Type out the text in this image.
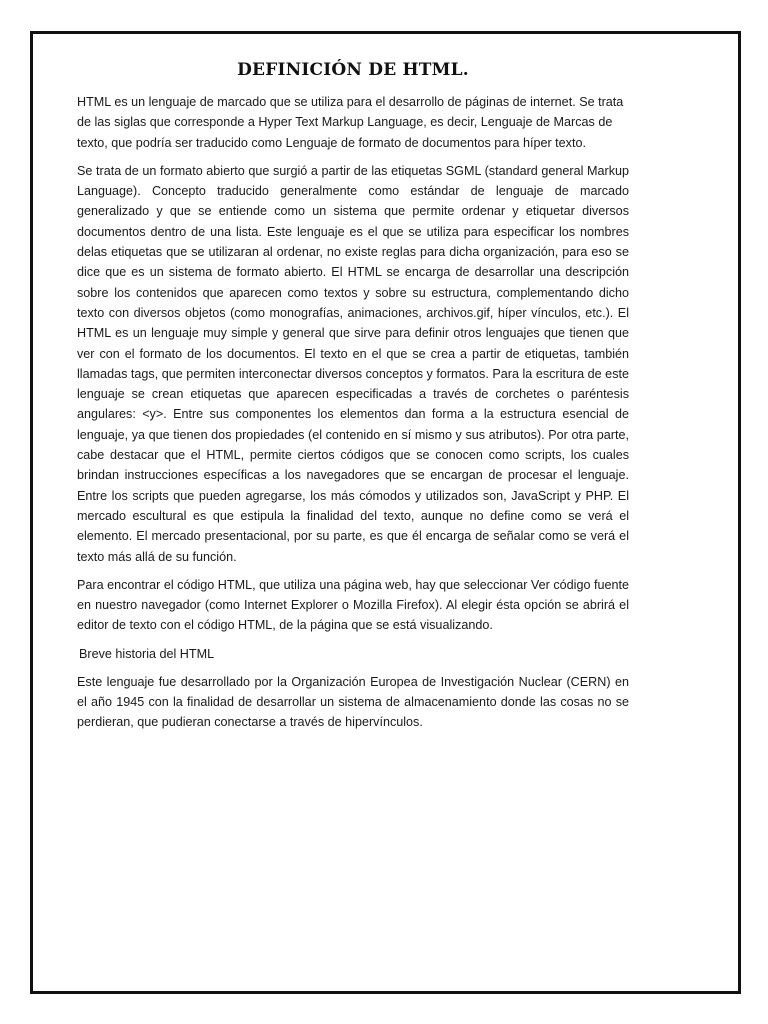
DEFINICIÓN DE HTML.

HTML es un lenguaje de marcado que se utiliza para el desarrollo de páginas de internet. Se trata de las siglas que corresponde a Hyper Text Markup Language, es decir, Lenguaje de Marcas de texto, que podría ser traducido como Lenguaje de formato de documentos para híper texto.

Se trata de un formato abierto que surgió a partir de las etiquetas SGML (standard general Markup Language). Concepto traducido generalmente como estándar de lenguaje de marcado generalizado y que se entiende como un sistema que permite ordenar y etiquetar diversos documentos dentro de una lista. Este lenguaje es el que se utiliza para especificar los nombres delas etiquetas que se utilizaran al ordenar, no existe reglas para dicha organización, para eso se dice que es un sistema de formato abierto. El HTML se encarga de desarrollar una descripción sobre los contenidos que aparecen como textos y sobre su estructura, complementando dicho texto con diversos objetos (como monografías, animaciones, archivos.gif, híper vínculos, etc.). El HTML es un lenguaje muy simple y general que sirve para definir otros lenguajes que tienen que ver con el formato de los documentos. El texto en el que se crea a partir de etiquetas, también llamadas tags, que permiten interconectar diversos conceptos y formatos. Para la escritura de este lenguaje se crean etiquetas que aparecen especificadas a través de corchetes o paréntesis angulares: <y>. Entre sus componentes los elementos dan forma a la estructura esencial de lenguaje, ya que tienen dos propiedades (el contenido en sí mismo y sus atributos). Por otra parte, cabe destacar que el HTML, permite ciertos códigos que se conocen como scripts, los cuales brindan instrucciones específicas a los navegadores que se encargan de procesar el lenguaje. Entre los scripts que pueden agregarse, los más cómodos y utilizados son, JavaScript y PHP. El mercado escultural es que estipula la finalidad del texto, aunque no define como se verá el elemento. El mercado presentacional, por su parte, es que él encarga de señalar como se verá el texto más allá de su función.

Para encontrar el código HTML, que utiliza una página web, hay que seleccionar Ver código fuente en nuestro navegador (como Internet Explorer o Mozilla Firefox). Al elegir ésta opción se abrirá el editor de texto con el código HTML, de la página que se está visualizando.

Breve historia del HTML

Este lenguaje fue desarrollado por la Organización Europea de Investigación Nuclear (CERN) en el año 1945 con la finalidad de desarrollar un sistema de almacenamiento donde las cosas no se perdieran, que pudieran conectarse a través de hipervínculos.
